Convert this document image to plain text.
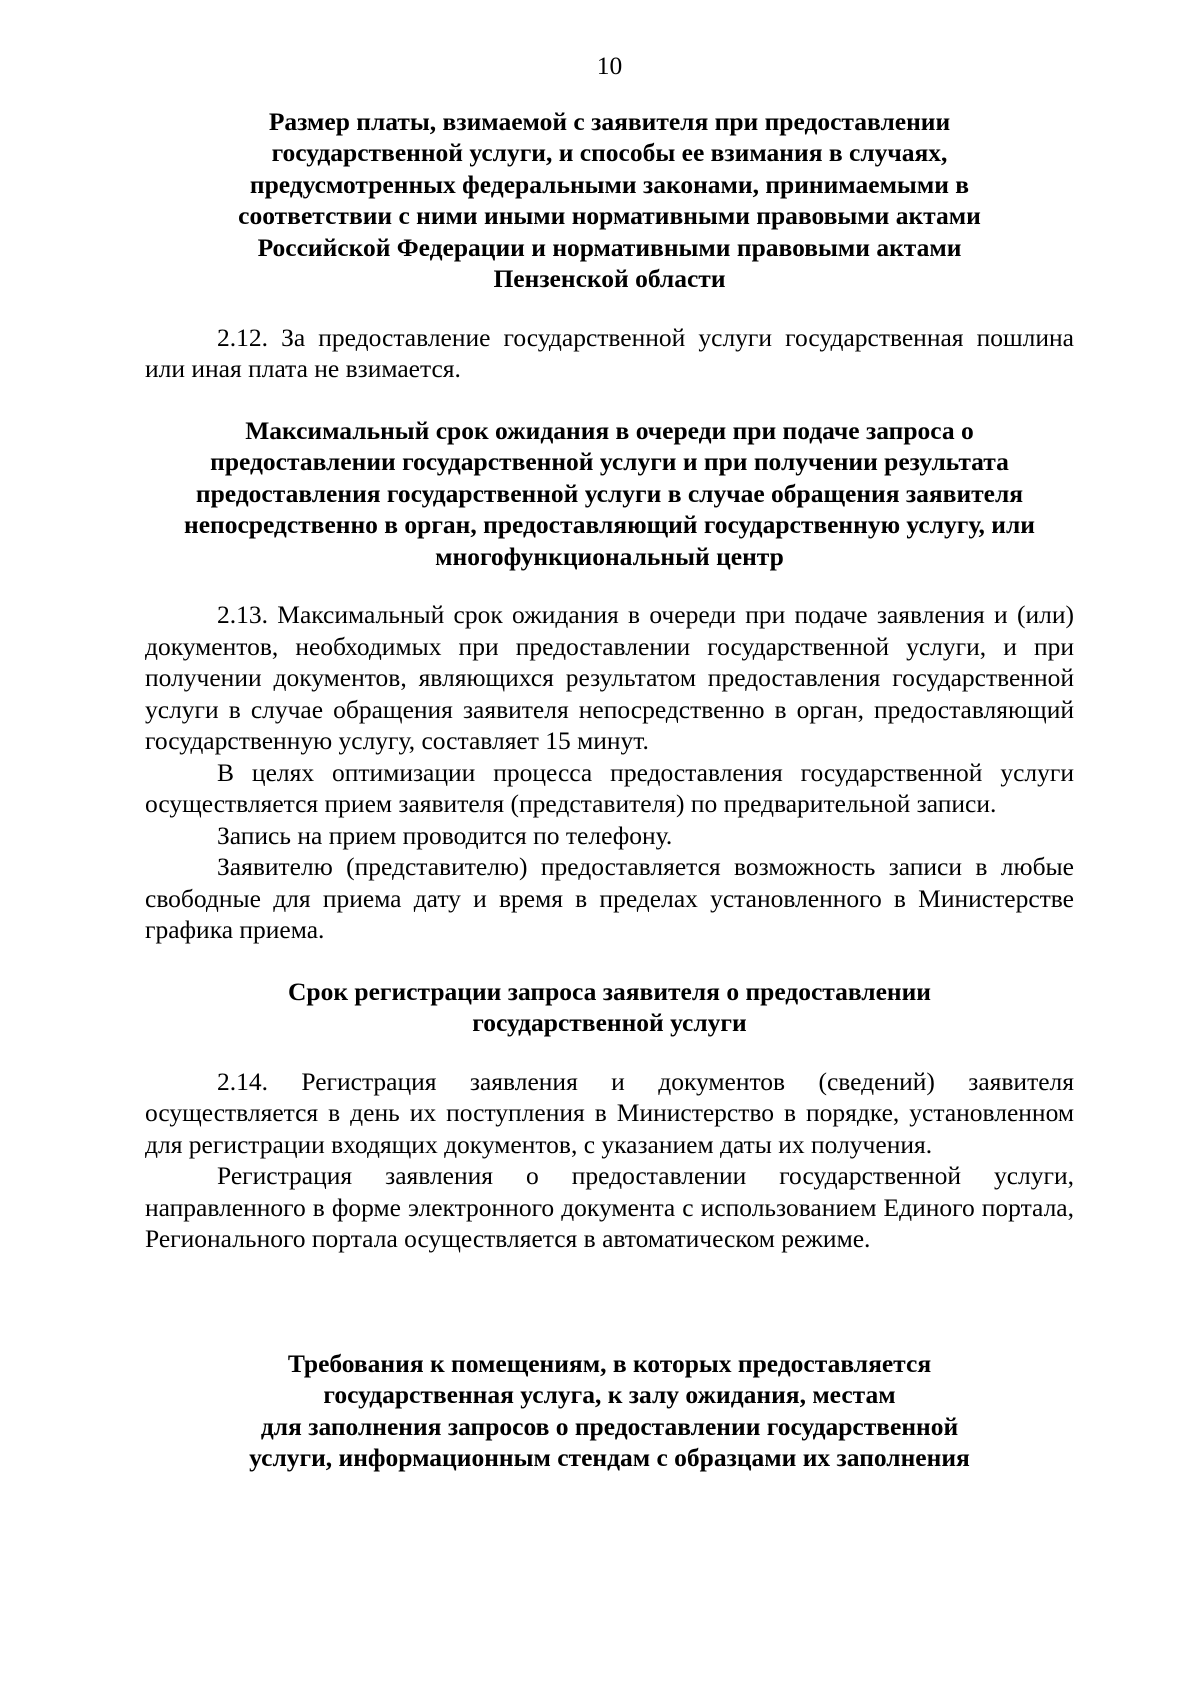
10
Размер платы, взимаемой с заявителя при предоставлении
государственной услуги, и способы ее взимания в случаях,
предусмотренных федеральными законами, принимаемыми в
соответствии с ними иными нормативными правовыми актами
Российской Федерации и нормативными правовыми актами
Пензенской области

2.12. За предоставление государственной услуги государственная пошлина или иная плата не взимается.

Максимальный срок ожидания в очереди при подаче запроса о
предоставлении государственной услуги и при получении результата
предоставления государственной услуги в случае обращения заявителя
непосредственно в орган, предоставляющий государственную услугу, или
многофункциональный центр

2.13. Максимальный срок ожидания в очереди при подаче заявления и (или) документов, необходимых при предоставлении государственной услуги, и при получении документов, являющихся результатом предоставления государственной услуги в случае обращения заявителя непосредственно в орган, предоставляющий государственную услугу, составляет 15 минут.

В целях оптимизации процесса предоставления государственной услуги осуществляется прием заявителя (представителя) по предварительной записи.

Запись на прием проводится по телефону.

Заявителю (представителю) предоставляется возможность записи в любые свободные для приема дату и время в пределах установленного в Министерстве графика приема.

Срок регистрации запроса заявителя о предоставлении
государственной услуги

2.14. Регистрация заявления и документов (сведений) заявителя осуществляется в день их поступления в Министерство в порядке, установленном для регистрации входящих документов, с указанием даты их получения.

Регистрация заявления о предоставлении государственной услуги, направленного в форме электронного документа с использованием Единого портала, Регионального портала осуществляется в автоматическом режиме.

Требования к помещениям, в которых предоставляется
государственная услуга, к залу ожидания, местам
для заполнения запросов о предоставлении государственной
услуги, информационным стендам с образцами их заполнения
